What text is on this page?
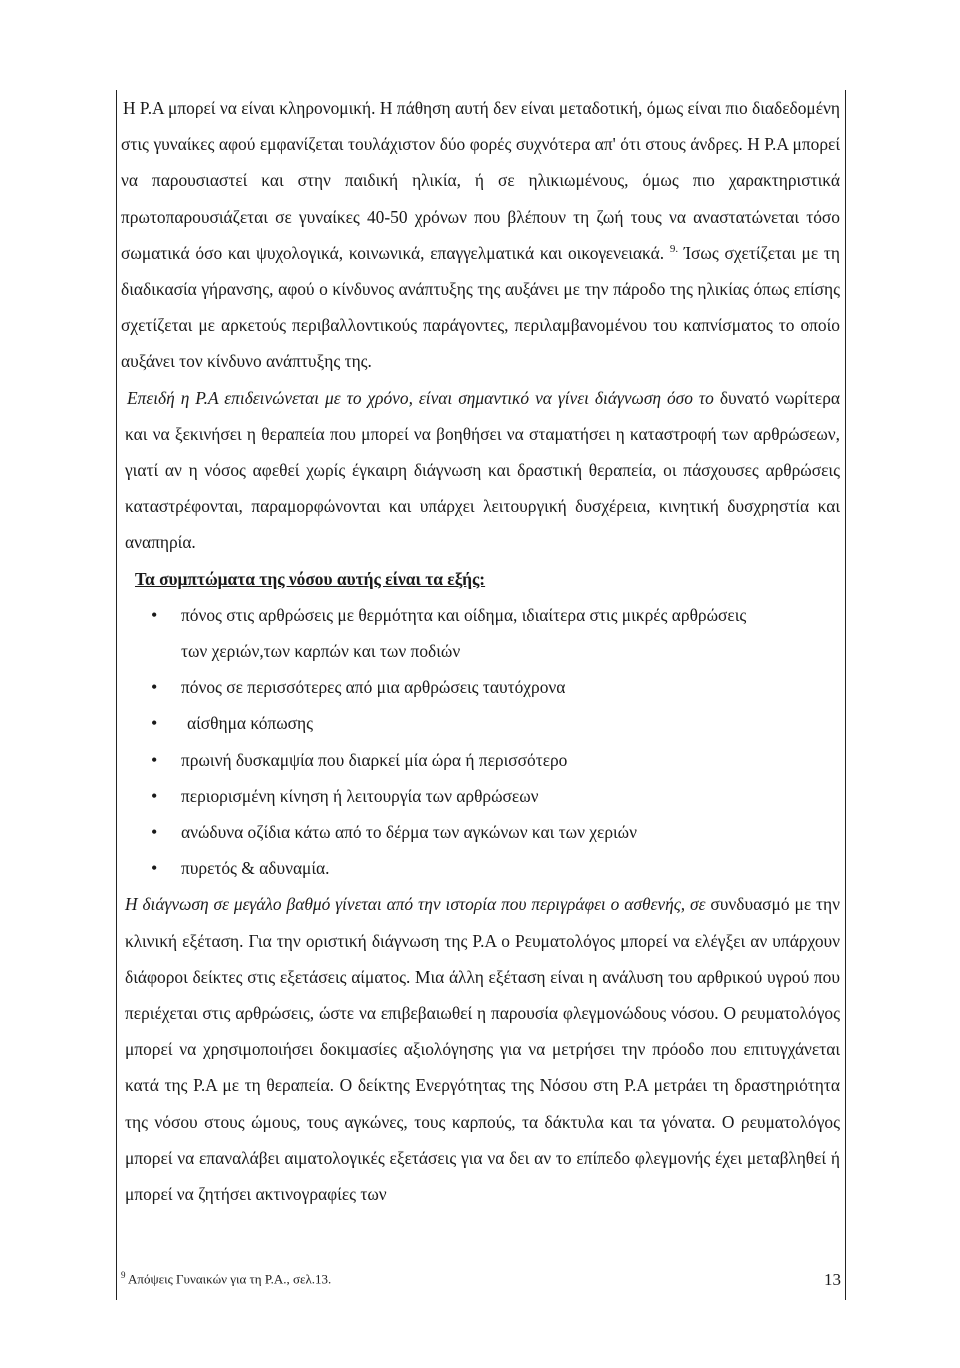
Η Ρ.Α μπορεί να είναι κληρονομική. Η πάθηση αυτή δεν είναι μεταδοτική, όμως είναι πιο διαδεδομένη στις γυναίκες αφού εμφανίζεται τουλάχιστον δύο φορές συχνότερα απ' ότι στους άνδρες. Η Ρ.Α μπορεί να παρουσιαστεί και στην παιδική ηλικία, ή σε ηλικιωμένους, όμως πιο χαρακτηριστικά πρωτοπαρουσιάζεται σε γυναίκες 40-50 χρόνων που βλέπουν τη ζωή τους να αναστατώνεται τόσο σωματικά όσο και ψυχολογικά, κοινωνικά, επαγγελματικά και οικογενειακά. $^{9.}$ Ίσως σχετίζεται με τη διαδικασία γήρανσης, αφού ο κίνδυνος ανάπτυξης της αυξάνει με την πάροδο της ηλικίας όπως επίσης σχετίζεται με αρκετούς περιβαλλοντικούς παράγοντες, περιλαμβανομένου του καπνίσματος το οποίο αυξάνει τον κίνδυνο ανάπτυξης της.

Επειδή η Ρ.Α επιδεινώνεται με το χρόνο, είναι σημαντικό να γίνει διάγνωση όσο το δυνατό νωρίτερα και να ξεκινήσει η θεραπεία που μπορεί να βοηθήσει να σταματήσει η καταστροφή των αρθρώσεων, γιατί αν η νόσος αφεθεί χωρίς έγκαιρη διάγνωση και δραστική θεραπεία, οι πάσχουσες αρθρώσεις καταστρέφονται, παραμορφώνονται και υπάρχει λειτουργική δυσχέρεια, κινητική δυσχρηστία και αναπηρία.

Τα συμπτώματα της νόσου αυτής είναι τα εξής:

• πόνος στις αρθρώσεις με θερμότητα και οίδημα, ιδιαίτερα στις μικρές αρθρώσεις
των χεριών,των καρπών και των ποδιών
• πόνος σε περισσότερες από μια αρθρώσεις ταυτόχρονα
• αίσθημα κόπωσης
• πρωινή δυσκαμψία που διαρκεί μία ώρα ή περισσότερο
• περιορισμένη κίνηση ή λειτουργία των αρθρώσεων
• ανώδυνα οζίδια κάτω από το δέρμα των αγκώνων και των χεριών
• πυρετός & αδυναμία.

Η διάγνωση σε μεγάλο βαθμό γίνεται από την ιστορία που περιγράφει ο ασθενής, σε συνδυασμό με την κλινική εξέταση. Για την οριστική διάγνωση της Ρ.Α ο Ρευματολόγος μπορεί να ελέγξει αν υπάρχουν διάφοροι δείκτες στις εξετάσεις αίματος. Μια άλλη εξέταση είναι η ανάλυση του αρθρικού υγρού που περιέχεται στις αρθρώσεις, ώστε να επιβεβαιωθεί η παρουσία φλεγμονώδους νόσου. Ο ρευματολόγος μπορεί να χρησιμοποιήσει δοκιμασίες αξιολόγησης για να μετρήσει την πρόοδο που επιτυγχάνεται κατά της Ρ.Α με τη θεραπεία. Ο δείκτης Ενεργότητας της Νόσου στη Ρ.Α μετράει τη δραστηριότητα της νόσου στους ώμους, τους αγκώνες, τους καρπούς, τα δάκτυλα και τα γόνατα. Ο ρευματολόγος μπορεί να επαναλάβει αιματολογικές εξετάσεις για να δει αν το επίπεδο φλεγμονής έχει μεταβληθεί ή μπορεί να ζητήσει ακτινογραφίες των

$^9$ Απόψεις Γυναικών για τη Ρ.Α., σελ.13.	13
